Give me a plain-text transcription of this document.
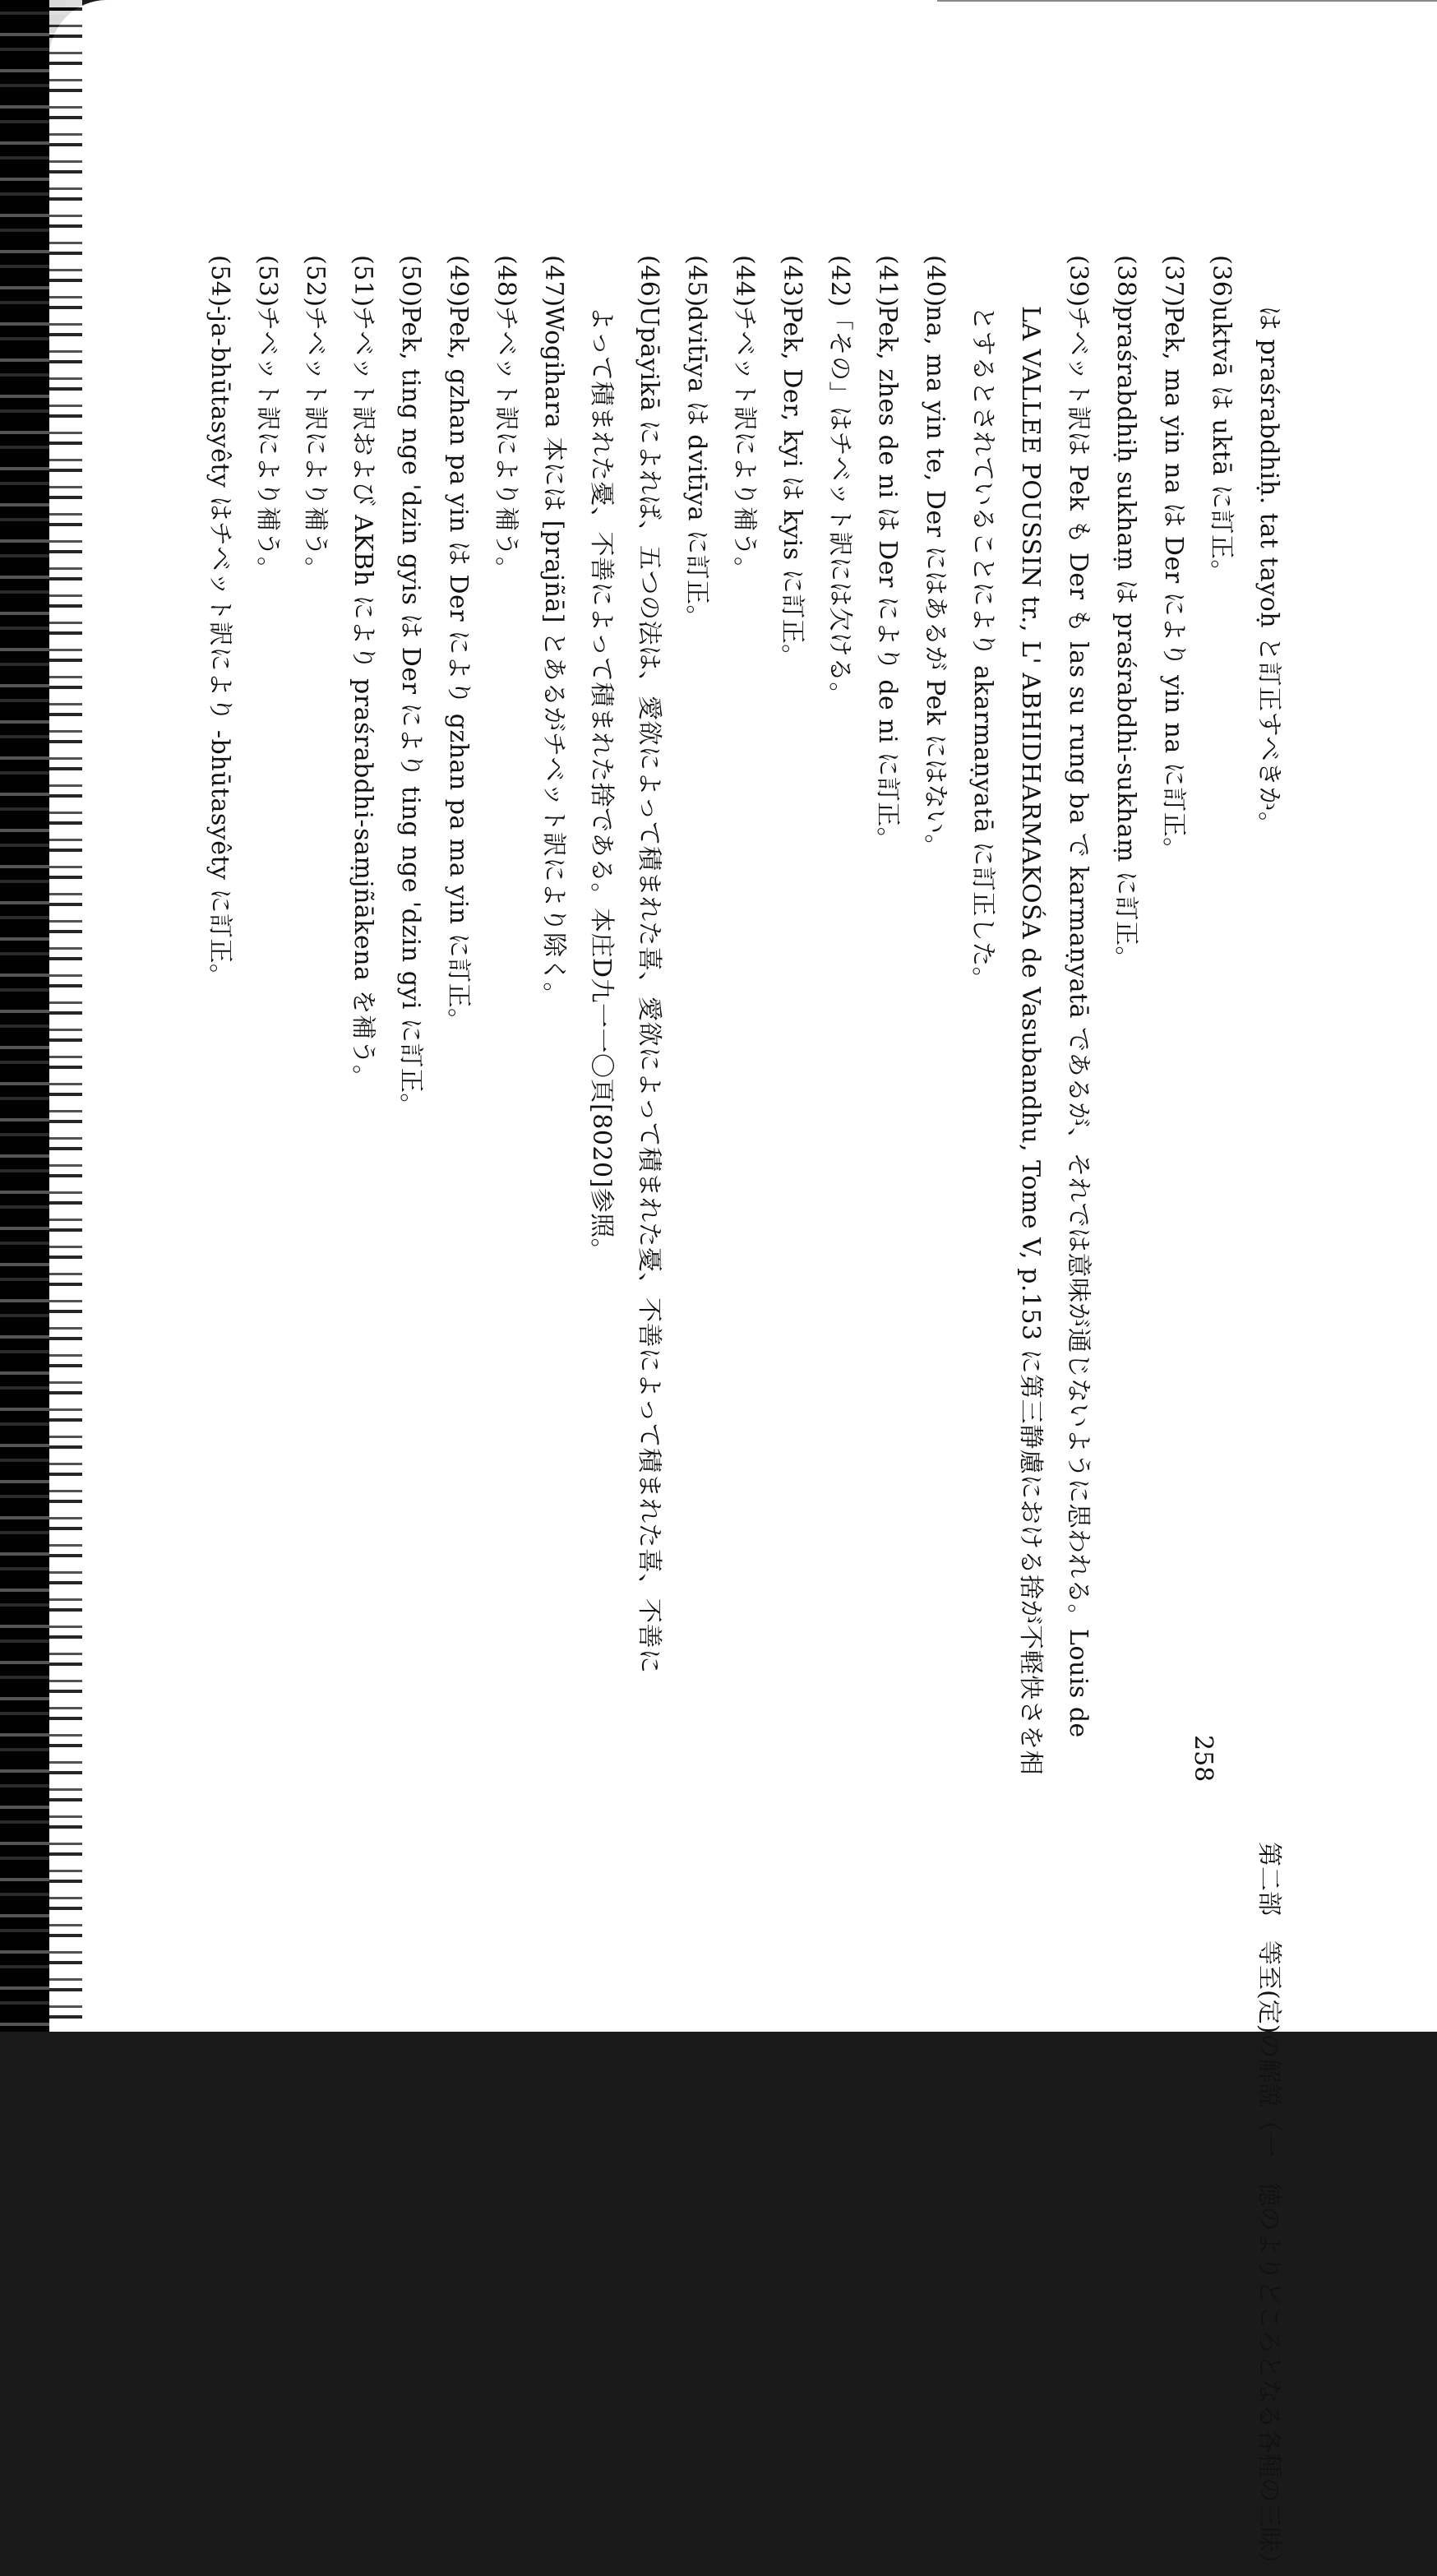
は praśrabdhiḥ. tat tayoḥ と訂正すべきか。
(36)uktvā は uktā に訂正。
(37)Pek, ma yin na は Der により yin na に訂正。
(38)praśrabdhiḥ sukhaṃ は praśrabdhi-sukhaṃ に訂正。
(39)チベット訳は Pek も Der も las su rung ba で karmaṇyatā であるが、それでは意味が通じないように思われる。Louis de
LA VALLEE POUSSIN tr., L' ABHIDHARMAKOŚA de Vasubandhu, Tome V, p.153 に第三静慮における捨が不軽快さを相
とするとされていることにより akarmaṇyatā に訂正した。
(40)na, ma yin te, Der にはあるが Pek にはない。
(41)Pek, zhes de ni は Der により de ni に訂正。
(42)「その」はチベット訳には欠ける。
(43)Pek, Der, kyi は kyis に訂正。
(44)チベット訳により補う。
(45)dvitīya は dvitīya に訂正。
(46)Upāyikā によれば、五つの法は、愛欲によって積まれた喜、愛欲によって積まれた憂、不善によって積まれた喜、不善に
よって積まれた憂、不善によって積まれた捨である。本庄D九一一〇頁[8020]参照。
(47)Wogihara 本には [prajñā] とあるがチベット訳により除く。
(48)チベット訳により補う。
(49)Pek, gzhan pa yin は Der により gzhan pa ma yin に訂正。
(50)Pek, ting nge 'dzin gyis は Der により ting nge 'dzin gyi に訂正。
(51)チベット訳および AKBh により praśrabdhi-saṃjñākena を補う。
(52)チベット訳により補う。
(53)チベット訳により補う。
(54)-ja-bhūtasyêty はチベット訳により -bhūtasyêty に訂正。
第二部　等至(定)の解説（一　徳のよりどころとなる各種の三昧）
258
